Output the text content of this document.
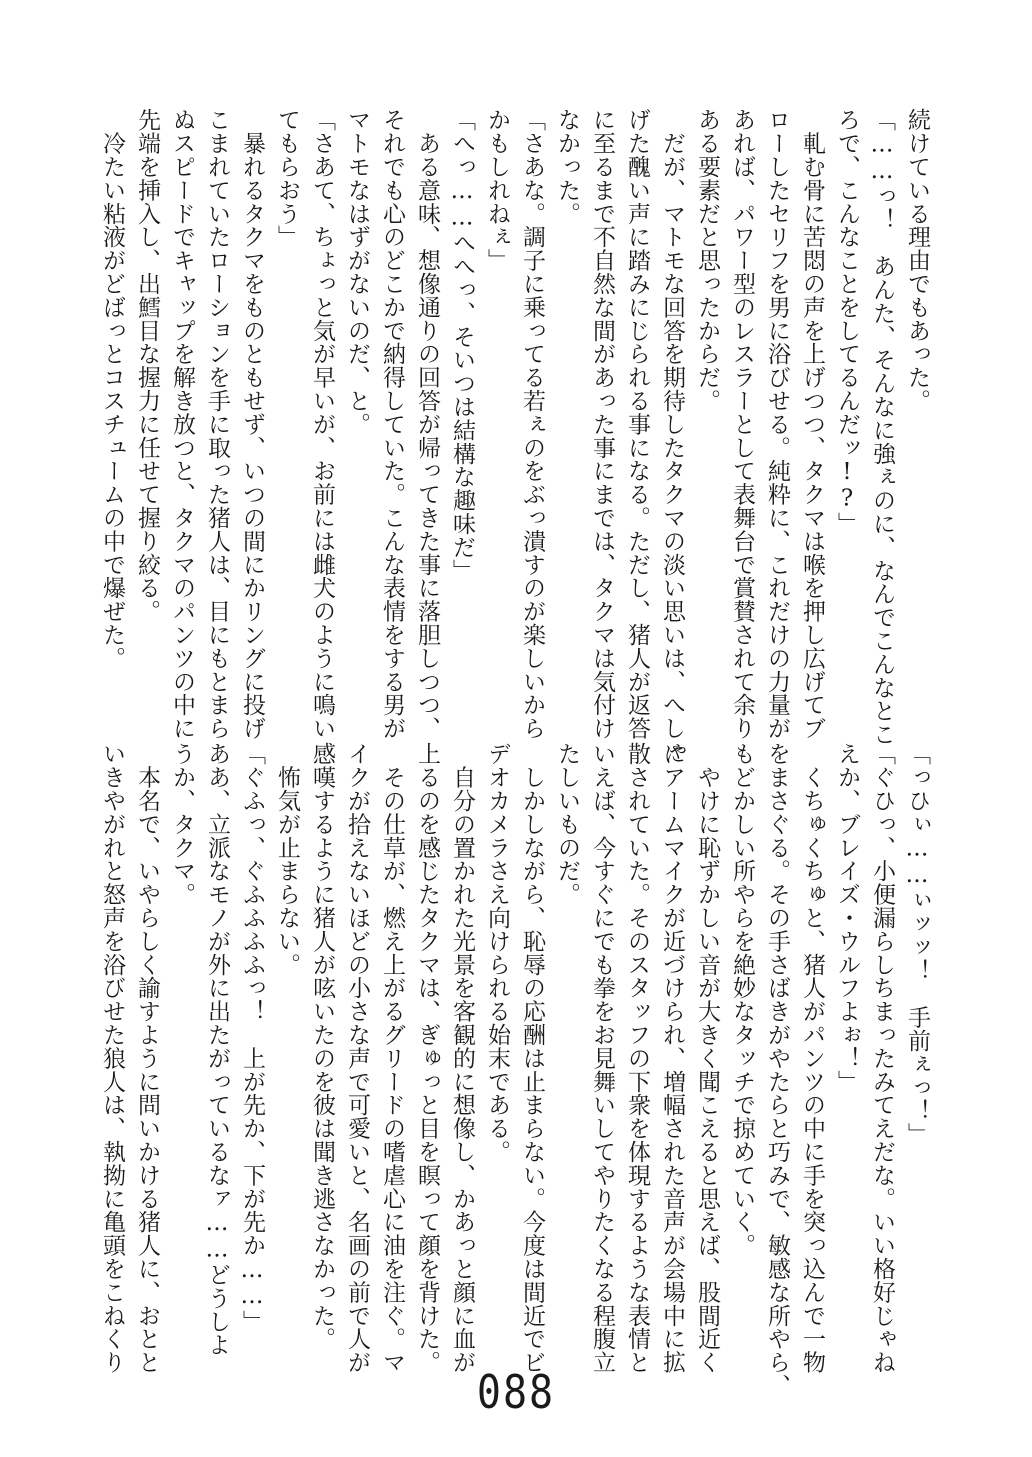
続けている理由でもあった。
「……っ！　あんた、そんなに強ぇのに、なんでこんなとこ
ろで、こんなことをしてるんだッ!?」
　軋む骨に苦悶の声を上げつつ、タクマは喉を押し広げてブ
ローしたセリフを男に浴びせる。純粋に、これだけの力量が
あれば、パワー型のレスラーとして表舞台で賞賛されて余り
ある要素だと思ったからだ。
　だが、マトモな回答を期待したタクマの淡い思いは、へしゃ
げた醜い声に踏みにじられる事になる。ただし、猪人が返答
に至るまで不自然な間があった事にまでは、タクマは気付け
なかった。
「さあな。調子に乗ってる若ぇのをぶっ潰すのが楽しいから
かもしれねぇ」
「へっ……へへっ、そいつは結構な趣味だ」
　ある意味、想像通りの回答が帰ってきた事に落胆しつつ、
それでも心のどこかで納得していた。こんな表情をする男が
マトモなはずがないのだ、と。
「さあて、ちょっと気が早いが、お前には雌犬のように鳴い
てもらおう」
　暴れるタクマをものともせず、いつの間にかリングに投げ
こまれていたローションを手に取った猪人は、目にもとまら
ぬスピードでキャップを解き放つと、タクマのパンツの中に
先端を挿入し、出鱈目な握力に任せて握り絞る。
　冷たい粘液がどばっとコスチュームの中で爆ぜた。
「っひぃ……ぃッッ！　手前ぇっ！」
「ぐひっ、小便漏らしちまったみてえだな。いい格好じゃね
えか、ブレイズ・ウルフよぉ！」
　くちゅくちゅと、猪人がパンツの中に手を突っ込んで一物
をまさぐる。その手さばきがやたらと巧みで、敏感な所やら、
もどかしい所やらを絶妙なタッチで掠めていく。
　やけに恥ずかしい音が大きく聞こえると思えば、股間近く
にアームマイクが近づけられ、増幅された音声が会場中に拡
散されていた。そのスタッフの下衆を体現するような表情と
いえば、今すぐにでも拳をお見舞いしてやりたくなる程腹立
たしいものだ。
　しかしながら、恥辱の応酬は止まらない。今度は間近でビ
デオカメラさえ向けられる始末である。
　自分の置かれた光景を客観的に想像し、かあっと顔に血が
上るのを感じたタクマは、ぎゅっと目を瞑って顔を背けた。
　その仕草が、燃え上がるグリードの嗜虐心に油を注ぐ。マ
イクが拾えないほどの小さな声で可愛いと、名画の前で人が
感嘆するように猪人が呟いたのを彼は聞き逃さなかった。
　怖気が止まらない。
「ぐふっ、ぐふふふふっ！　上が先か、下が先か……」
ああ、立派なモノが外に出たがっているなァ……どうしよ
うか、タクマ。
　本名で、いやらしく諭すように問いかける猪人に、おとと
いきやがれと怒声を浴びせた狼人は、執拗に亀頭をこねくり
088
